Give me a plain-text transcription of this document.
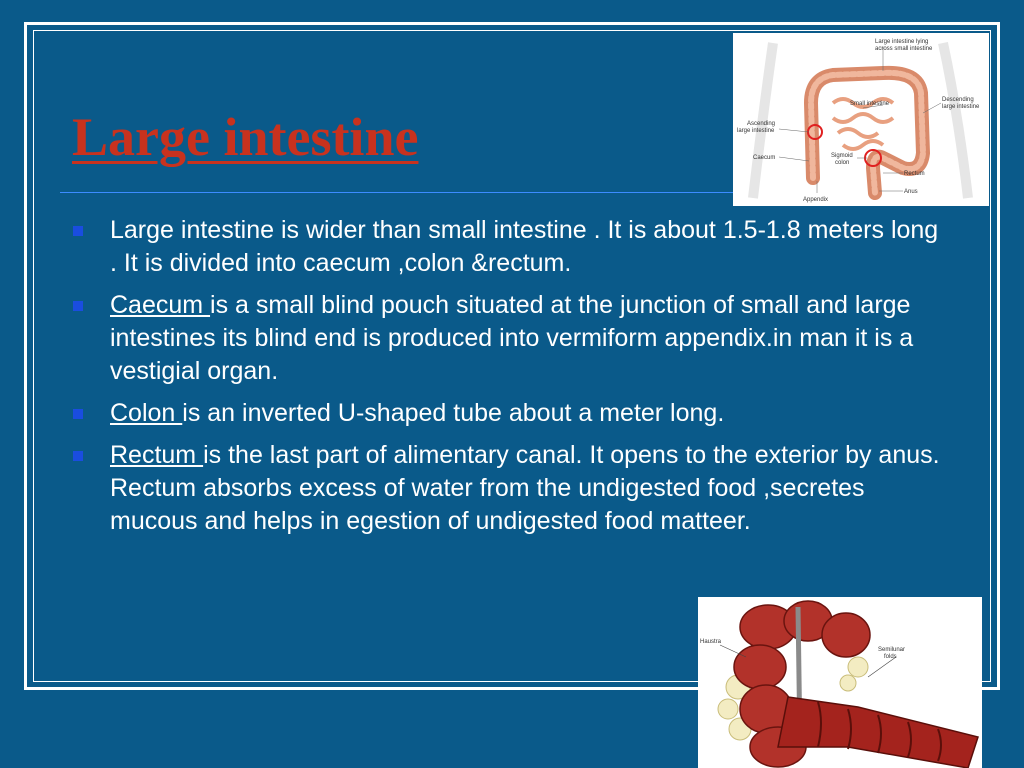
Large intestine
Large intestine is wider than small intestine . It is about 1.5-1.8 meters long . It is divided into caecum ,colon &rectum.
Caecum is a small blind pouch situated at the junction of small and large intestines its blind end is produced into vermiform appendix.in man it is a vestigial organ.
Colon is an inverted U-shaped tube about a meter long.
Rectum is the last part of alimentary canal. It opens to the exterior by anus. Rectum absorbs excess of water from the undigested food ,secretes mucous and helps in egestion of undigested food matteer.
Large intestine lying
across small intestine
Small intestine
Descending
large intestine
Ascending
large intestine
Caecum	Sigmoid
colon
Rectum
Anus
Appendix
Haustra
Semilunar
folds
